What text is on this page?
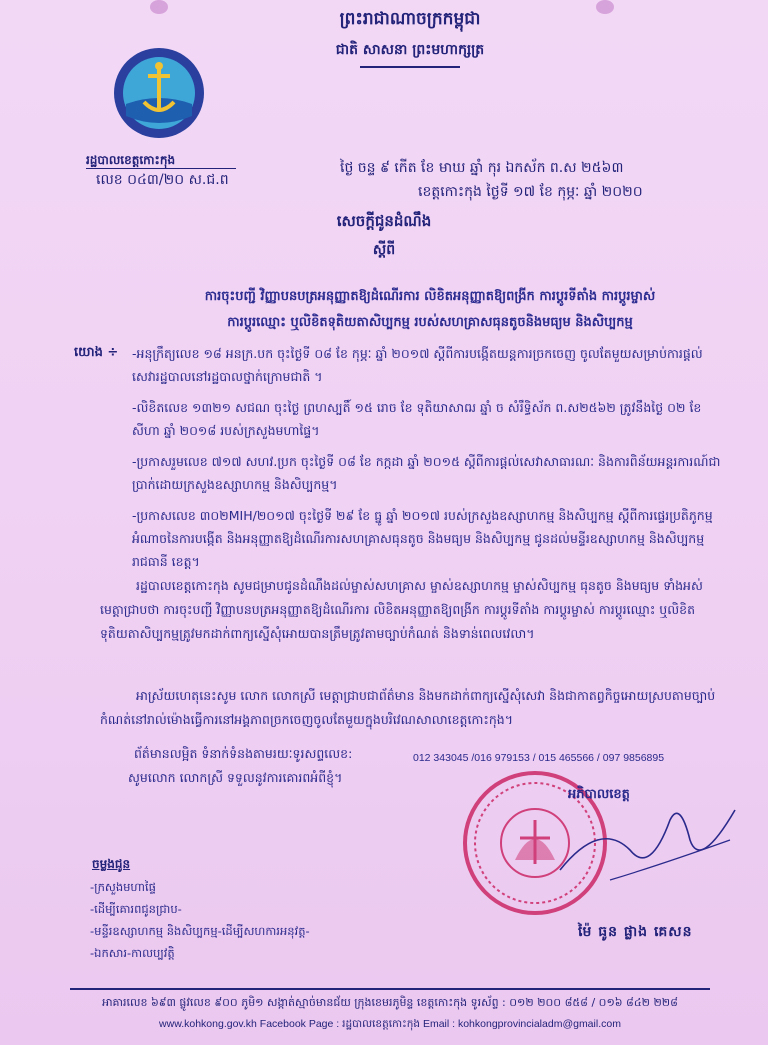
ព្រះរាជាណាចក្រកម្ពុជា
ជាតិ សាសនា ព្រះមហាក្សត្រ
រដ្ឋបាលខេត្តកោះកុង
លេខ ០៤៣/២០ ស.ជ.ព
ថ្ងៃ ចន្ទ ៩ កើត ខែ មាឃ ឆ្នាំ កុរ ឯកស័ក ព.ស ២៥៦៣
ខេត្តកោះកុង ថ្ងៃទី ១៧ ខែ កុម្ភៈ ឆ្នាំ ២០២០
សេចក្តីជូនដំណឹង
ស្តីពី
ការចុះបញ្ជី វិញ្ញាបនបត្រអនុញ្ញាតឱ្យដំណើរការ លិខិតអនុញ្ញាតឱ្យពង្រីក ការប្តូរទីតាំង ការប្តូរម្ចាស់
ការប្តូរឈ្មោះ ឬលិខិតទុតិយតាសិប្បកម្ម របស់សហគ្រាសធុនតូចនិងមធ្យម និងសិប្បកម្ម
យោង ÷ -អនុក្រឹត្យលេខ ១៨ អនក្រ.បក ចុះថ្ងៃទី ០៨ ខែ កុម្ភៈ ឆ្នាំ ២០១៧ ស្តីពីការបង្កើតយន្តការច្រកចេញ ចូលតែមួយសម្រាប់ការផ្តល់សេវារដ្ឋបាលនៅរដ្ឋបាលថ្នាក់ក្រោមជាតិ ។
-លិខិតលេខ ១៣២១ សជណ ចុះថ្ងៃ ព្រហស្បតិ៍ ១៥ រោច ខែ ទុតិយាសាឍ ឆ្នាំ ច សំរឹទ្ធិស័ក ព.ស២៥៦២ ត្រូវនឹងថ្ងៃ ០២ ខែ សីហា ឆ្នាំ ២០១៨ របស់ក្រសួងមហាផ្ទៃ។
-ប្រកាសរួមលេខ ៧១៧ សហវ.ប្រក ចុះថ្ងៃទី ០៨ ខែ កក្កដា ឆ្នាំ ២០១៥ ស្តីពីការផ្តល់សេវាសាធារណៈ និងការពិន័យអន្តរការណ៍ជាប្រាក់ដោយក្រសួងឧស្សាហកម្ម និងសិប្បកម្ម។
-ប្រកាសលេខ ៣០២MIH/២០១៧ ចុះថ្ងៃទី ២៩ ខែ ធ្នូ ឆ្នាំ ២០១៧ របស់ក្រសួងឧស្សាហកម្ម និងសិប្បកម្ម ស្តីពីការផ្ទេរប្រតិភូកម្មអំណាចនៃការបង្កើត និងអនុញ្ញាតឱ្យដំណើរការសហគ្រាសធុនតូច និងមធ្យម និងសិប្បកម្ម ជូនដល់មន្ទីរឧស្សាហកម្ម និងសិប្បកម្មរាជធានី ខេត្ត។
រដ្ឋបាលខេត្តកោះកុង សូមជម្រាបជូនដំណឹងដល់ម្ចាស់សហគ្រាស ម្ចាស់ឧស្សាហកម្ម ម្ចាស់សិប្បកម្ម ធុនតូច និងមធ្យម ទាំងអស់មេត្តាជ្រាបថា ការចុះបញ្ជី វិញ្ញាបនបត្រអនុញ្ញាតឱ្យដំណើរការ លិខិតអនុញ្ញាតឱ្យពង្រីក ការប្តូរទីតាំង ការប្តូរម្ចាស់ ការប្តូរឈ្មោះ ឬលិខិតទុតិយតាសិប្បកម្មត្រូវមកដាក់ពាក្យស្នើសុំអោយបានត្រឹមត្រូវតាមច្បាប់កំណត់ និងទាន់ពេលវេលា។
អាស្រ័យហេតុនេះសូម លោក លោកស្រី មេត្តាជ្រាបជាព័ត៌មាន និងមកដាក់ពាក្យស្នើសុំសេវា និងជាកាតព្វកិច្ចអោយស្របតាមច្បាប់កំណត់នៅរាល់ម៉ោងធ្វើការនៅអង្គភាពច្រកចេញចូលតែមួយក្នុងបរិវេណសាលាខេត្តកោះកុង។
ព័ត៌មានលម្អិត ទំនាក់ទំនងតាមរយៈទូរសព្ទលេខ:	012 343045 /016 979153 / 015 465566 / 097 9856895
សូមលោក លោកស្រី ទទួលនូវការគោរពអំពីខ្ញុំ។
អភិបាលខេត្ត
ម៉ៃ ធូន ផ្លាង គេសន
ចម្លងជូន
-ក្រសួងមហាផ្ទៃ
-ដើម្បីគោរពជូនជ្រាប-
-មន្ទីរឧស្សាហកម្ម និងសិប្បកម្ម-ដើម្បីសហការអនុវត្ត-
-ឯកសារ-កាលប្បវត្តិ
អាគារលេខ ៦៩៣ ផ្លូវលេខ ៩០០ ភូមិ១ សង្កាត់ស្មាច់មានជ័យ ក្រុងខេមរភូមិន្ទ ខេត្តកោះកុង ទូរស័ព្ទ : ០១២ ២០០ ៨៥៨ / ០១៦ ៨៤២ ២២៨
www.kohkong.gov.kh Facebook Page : រដ្ឋបាលខេត្តកោះកុង Email : kohkongprovincialadm@gmail.com
